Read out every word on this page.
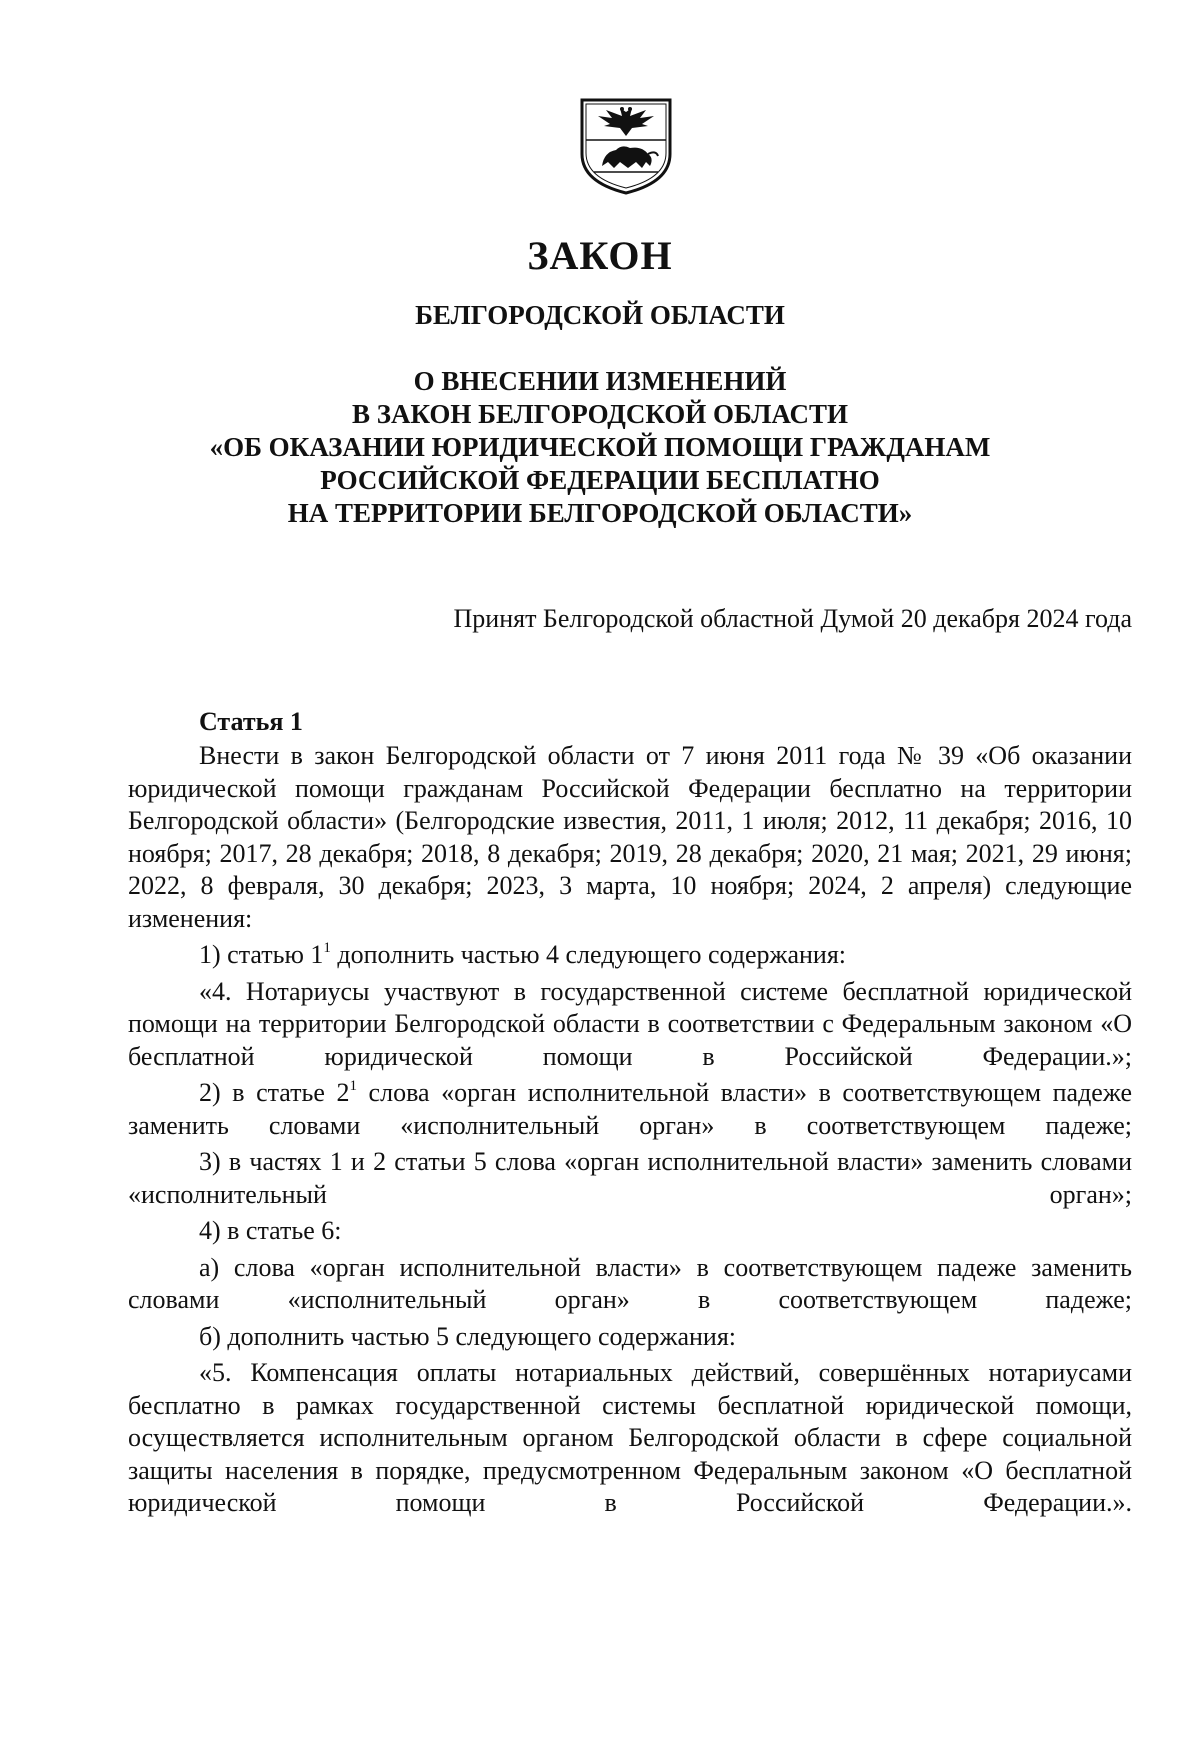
ЗАКОН
БЕЛГОРОДСКОЙ ОБЛАСТИ
О ВНЕСЕНИИ ИЗМЕНЕНИЙ
В ЗАКОН БЕЛГОРОДСКОЙ ОБЛАСТИ
«ОБ ОКАЗАНИИ ЮРИДИЧЕСКОЙ ПОМОЩИ ГРАЖДАНАМ
РОССИЙСКОЙ ФЕДЕРАЦИИ БЕСПЛАТНО
НА ТЕРРИТОРИИ БЕЛГОРОДСКОЙ ОБЛАСТИ»
Принят Белгородской областной Думой 20 декабря 2024 года
Статья 1

Внести в закон Белгородской области от 7 июня 2011 года № 39 «Об оказании юридической помощи гражданам Российской Федерации бесплатно на территории Белгородской области» (Белгородские известия, 2011, 1 июля; 2012, 11 декабря; 2016, 10 ноября; 2017, 28 декабря; 2018, 8 декабря; 2019, 28 декабря; 2020, 21 мая; 2021, 29 июня; 2022, 8 февраля, 30 декабря; 2023, 3 марта, 10 ноября; 2024, 2 апреля) следующие изменения:

1) статью $1^1$ дополнить частью 4 следующего содержания:

«4. Нотариусы участвуют в государственной системе бесплатной юридической помощи на территории Белгородской области в соответствии с Федеральным законом «О бесплатной юридической помощи в Российской Федерации.»;

2) в статье $2^1$ слова «орган исполнительной власти» в соответствующем падеже заменить словами «исполнительный орган» в соответствующем падеже;

3) в частях 1 и 2 статьи 5 слова «орган исполнительной власти» заменить словами «исполнительный орган»;

4) в статье 6:

а) слова «орган исполнительной власти» в соответствующем падеже заменить словами «исполнительный орган» в соответствующем падеже;

б) дополнить частью 5 следующего содержания:

«5. Компенсация оплаты нотариальных действий, совершённых нотариусами бесплатно в рамках государственной системы бесплатной юридической помощи, осуществляется исполнительным органом Белгородской области в сфере социальной защиты населения в порядке, предусмотренном Федеральным законом «О бесплатной юридической помощи в Российской Федерации.».
